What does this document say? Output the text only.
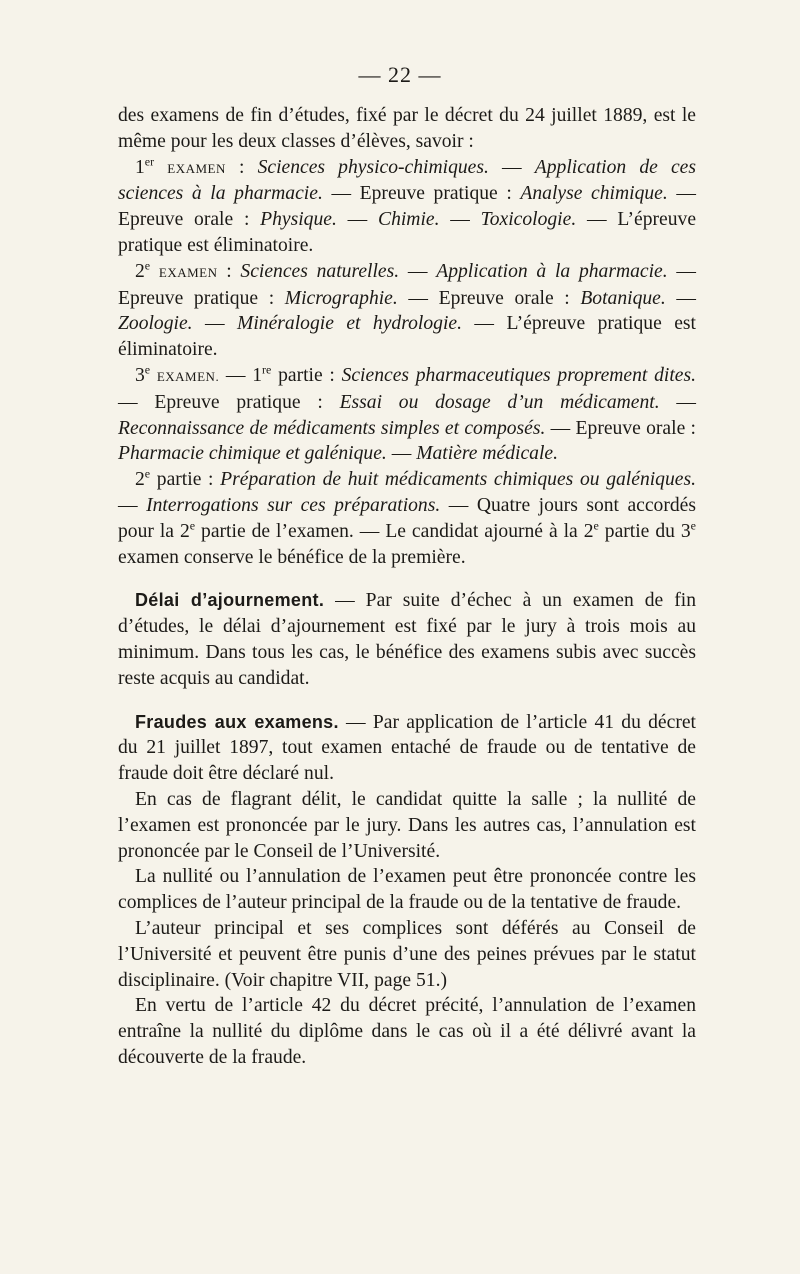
— 22 —

des examens de fin d’études, fixé par le décret du 24 juillet 1889, est le même pour les deux classes d’élèves, savoir :

1er EXAMEN : Sciences physico-chimiques. — Application de ces sciences à la pharmacie. — Epreuve pratique : Analyse chimique. — Epreuve orale : Physique. — Chimie. — Toxicologie. — L’épreuve pratique est éliminatoire.

2e EXAMEN : Sciences naturelles. — Application à la pharmacie. — Epreuve pratique : Micrographie. — Epreuve orale : Botanique. — Zoologie. — Minéralogie et hydrologie. — L’épreuve pratique est éliminatoire.

3e EXAMEN. — 1re partie : Sciences pharmaceutiques proprement dites. — Epreuve pratique : Essai ou dosage d’un médicament. — Reconnaissance de médicaments simples et composés. — Epreuve orale : Pharmacie chimique et galénique. — Matière médicale.

2e partie : Préparation de huit médicaments chimiques ou galéniques. — Interrogations sur ces préparations. — Quatre jours sont accordés pour la 2e partie de l’examen. — Le candidat ajourné à la 2e partie du 3e examen conserve le bénéfice de la première.

Délai d’ajournement. — Par suite d’échec à un examen de fin d’études, le délai d’ajournement est fixé par le jury à trois mois au minimum. Dans tous les cas, le bénéfice des examens subis avec succès reste acquis au candidat.

Fraudes aux examens. — Par application de l’article 41 du décret du 21 juillet 1897, tout examen entaché de fraude ou de tentative de fraude doit être déclaré nul.

En cas de flagrant délit, le candidat quitte la salle ; la nullité de l’examen est prononcée par le jury. Dans les autres cas, l’annulation est prononcée par le Conseil de l’Université.

La nullité ou l’annulation de l’examen peut être prononcée contre les complices de l’auteur principal de la fraude ou de la tentative de fraude.

L’auteur principal et ses complices sont déférés au Conseil de l’Université et peuvent être punis d’une des peines prévues par le statut disciplinaire. (Voir chapitre VII, page 51.)

En vertu de l’article 42 du décret précité, l’annulation de l’examen entraîne la nullité du diplôme dans le cas où il a été délivré avant la découverte de la fraude.
